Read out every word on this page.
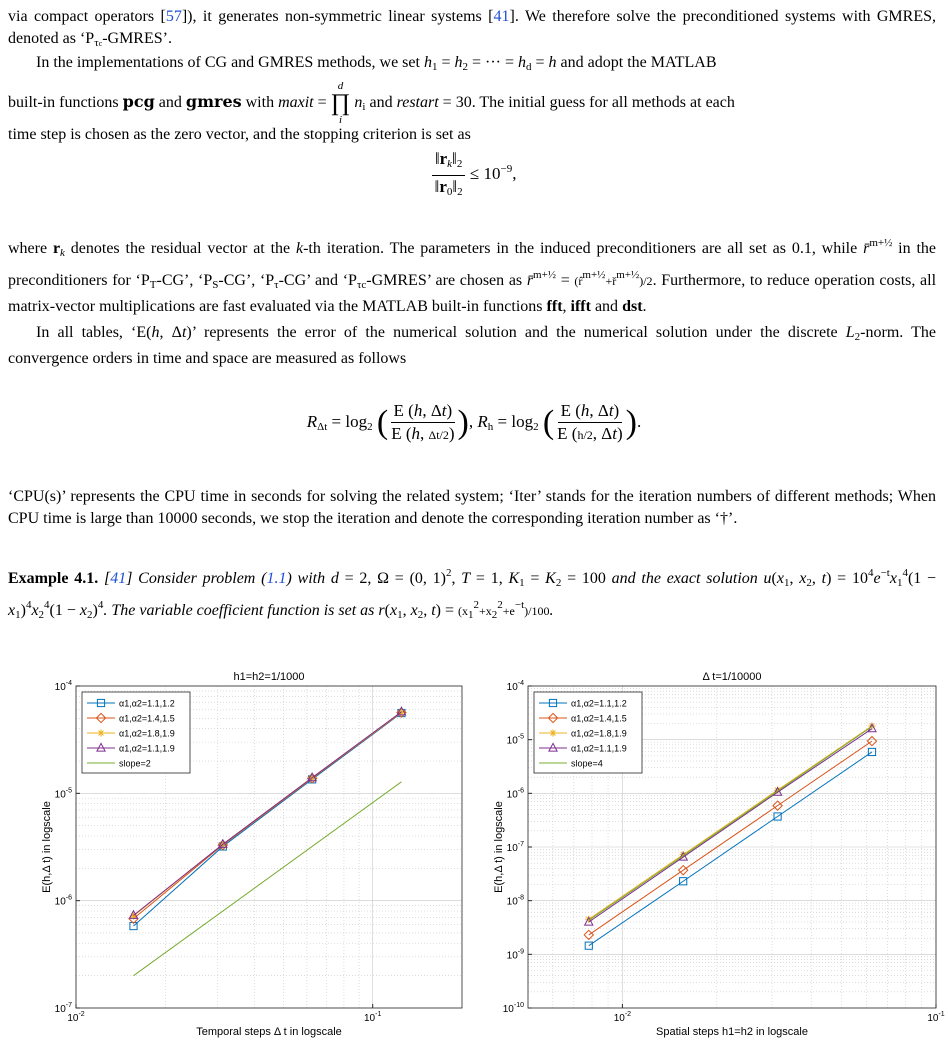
via compact operators [57]), it generates non-symmetric linear systems [41]. We therefore solve the preconditioned systems with GMRES, denoted as ‘$P_{\tau c}$-GMRES’.

In the implementations of CG and GMRES methods, we set $h_1 = h_2$ = ··· = $h_d = h$ and adopt the MATLAB

built-in functions pcg and gmres with maxit =
d
∏
i
$n_i$ and restart = 30. The initial guess for all methods at each

time step is chosen as the zero vector, and the stopping criterion is set as

$\frac{‖r_k‖_2}{‖r_0‖_2} \le 10^{-9}$,

where $r_k$ denotes the residual vector at the k-th iteration. The parameters in the induced preconditioners are all set as 0.1, while r̄$^{m+\frac{1}{2}}$ in the preconditioners for ‘$P_T-CG$’, ‘$P_S-CG$’, ‘$P_\tau-CG$’ and ‘$P_{\tau c}$-GMRES’ are chosen as r̄$^{m+\frac{1}{2}}$ = (r̂m+½+řm+½)/2. Furthermore, to reduce operation costs, all matrix-vector multiplications are fast evaluated via the MATLAB built-in functions fft, ifft and dst.

In all tables, ‘E(h, Δt)’ represents the error of the numerical solution and the numerical solution under the discrete $L_2$-norm. The convergence orders in time and space are measured as follows

$R_{\Delta t} = \log_2$ ( $\frac{E (h, \Delta t)}{E (h, \Delta t/2)}$ ), $R_h = \log_2$ ( $\frac{E (h, \Delta t)}{E (h/2, \Delta t)}$ ).

‘CPU(s)’ represents the CPU time in seconds for solving the related system; ‘Iter’ stands for the iteration numbers of different methods; When CPU time is large than 10000 seconds, we stop the iteration and denote the corresponding iteration number as ‘†’.

Example 4.1. [41] Consider problem (1.1) with d = 2, Ω = (0, 1)$^2$, T = 1, $K_1 = K_2 = 100$ and the exact solution $u(x_1$, $x_2$, $t) = 10^4e^{-t}x_1^4(1 - x_1)^4x_2^4(1 - x_2)^4$. The variable coefficient function is set as $r(x_1$, $x_2$, t) = (x12+x22+e−t)/100.

$10^{-2}$	$10^{-1}$
$10^{-7}$
$10^{-6}$
$10^{-5}$
$10^{-4}$
h1=h2=1/1000
Temporal steps Δ t in logscale
E(h,Δ t) in logscale
α1,α2=1.1,1.2
α1,α2=1.4,1.5
α1,α2=1.8,1.9
α1,α2=1.1,1.9
slope=2
$10^{-2}$	$10^{-1}$
$10^{-10}$
$10^{-9}$
$10^{-8}$
$10^{-7}$
$10^{-6}$
$10^{-5}$
$10^{-4}$
Δ t=1/10000
Spatial steps h1=h2 in logscale
E(h,Δ t) in logscale
α1,α2=1.1,1.2
α1,α2=1.4,1.5
α1,α2=1.8,1.9
α1,α2=1.1,1.9
slope=4
